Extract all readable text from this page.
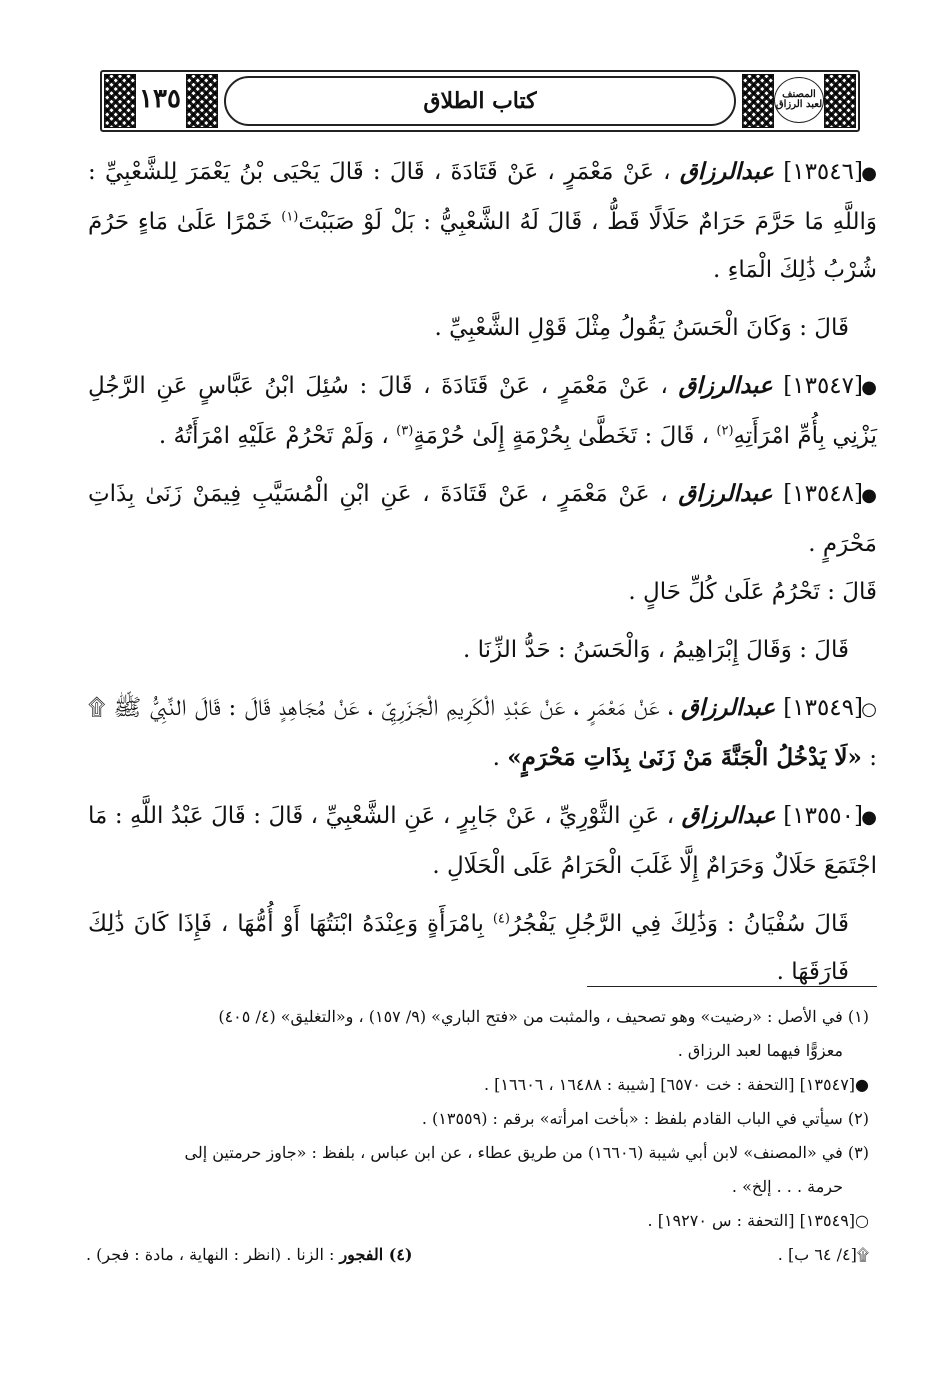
المصنف
لعبد الرزاق
كتاب الطلاق
١٣٥

●[١٣٥٤٦] عبدالرزاق ، عَنْ مَعْمَرٍ ، عَنْ قَتَادَةَ ، قَالَ : قَالَ يَحْيَى بْنُ يَعْمَرَ لِلشَّعْبِيِّ : وَاللَّهِ مَا حَرَّمَ حَرَامٌ حَلَالًا قَطُّ ، قَالَ لَهُ الشَّعْبِيُّ : بَلْ لَوْ صَبَبْتَ$^{(١)}$ خَمْرًا عَلَىٰ مَاءٍ حَرُمَ شُرْبُ ذَٰلِكَ الْمَاءِ .

قَالَ : وَكَانَ الْحَسَنُ يَقُولُ مِثْلَ قَوْلِ الشَّعْبِيِّ .

●[١٣٥٤٧] عبدالرزاق ، عَنْ مَعْمَرٍ ، عَنْ قَتَادَةَ ، قَالَ : سُئِلَ ابْنُ عَبَّاسٍ عَنِ الرَّجُلِ يَزْنِي بِأُمِّ امْرَأَتِهِ$^{(٢)}$ ، قَالَ : تَخَطَّىٰ بِحُرْمَةٍ إِلَىٰ حُرْمَةٍ$^{(٣)}$ ، وَلَمْ تَحْرُمْ عَلَيْهِ امْرَأَتُهُ .

●[١٣٥٤٨] عبدالرزاق ، عَنْ مَعْمَرٍ ، عَنْ قَتَادَةَ ، عَنِ ابْنِ الْمُسَيَّبِ فِيمَنْ زَنَىٰ بِذَاتِ مَحْرَمٍ .
قَالَ : تَحْرُمُ عَلَىٰ كُلِّ حَالٍ .

قَالَ : وَقَالَ إِبْرَاهِيمُ ، وَالْحَسَنُ : حَدُّ الزِّنَا .

○[١٣٥٤٩] عبدالرزاق ، عَنْ مَعْمَرٍ ، عَنْ عَبْدِ الْكَرِيمِ الْجَزَرِيِّ ، عَنْ مُجَاهِدٍ قَالَ : قَالَ النَّبِيُّ ﷺ ۩ : «لَا يَدْخُلُ الْجَنَّةَ مَنْ زَنَىٰ بِذَاتِ مَحْرَمٍ» .

●[١٣٥٥٠] عبدالرزاق ، عَنِ الثَّوْرِيِّ ، عَنْ جَابِرٍ ، عَنِ الشَّعْبِيِّ ، قَالَ : قَالَ عَبْدُ اللَّهِ : مَا اجْتَمَعَ حَلَالٌ وَحَرَامٌ إِلَّا غَلَبَ الْحَرَامُ عَلَى الْحَلَالِ .

قَالَ سُفْيَانُ : وَذَٰلِكَ فِي الرَّجُلِ يَفْجُرُ$^{(٤)}$ بِامْرَأَةٍ وَعِنْدَهُ ابْنَتُهَا أَوْ أُمُّهَا ، فَإِذَا كَانَ ذَٰلِكَ فَارَقَهَا .

(١) في الأصل : «رضيت» وهو تصحيف ، والمثبت من «فتح الباري» (٩/ ١٥٧) ، و«التغليق» (٤/ ٤٠٥)
معزوًّا فيهما لعبد الرزاق .
●[١٣٥٤٧] [التحفة : خت ٦٥٧٠] [شيبة : ١٦٤٨٨ ، ١٦٦٠٦] .
(٢) سيأتي في الباب القادم بلفظ : «بأخت امرأته» برقم : (١٣٥٥٩) .
(٣) في «المصنف» لابن أبي شيبة (١٦٦٠٦) من طريق عطاء ، عن ابن عباس ، بلفظ : «جاوز حرمتين إلى
حرمة . . . إلخ» .
○[١٣٥٤٩] [التحفة : س ١٩٢٧٠] .
۩[٤/ ٦٤ ب] .
(٤) الفجور : الزنا . (انظر : النهاية ، مادة : فجر) .
